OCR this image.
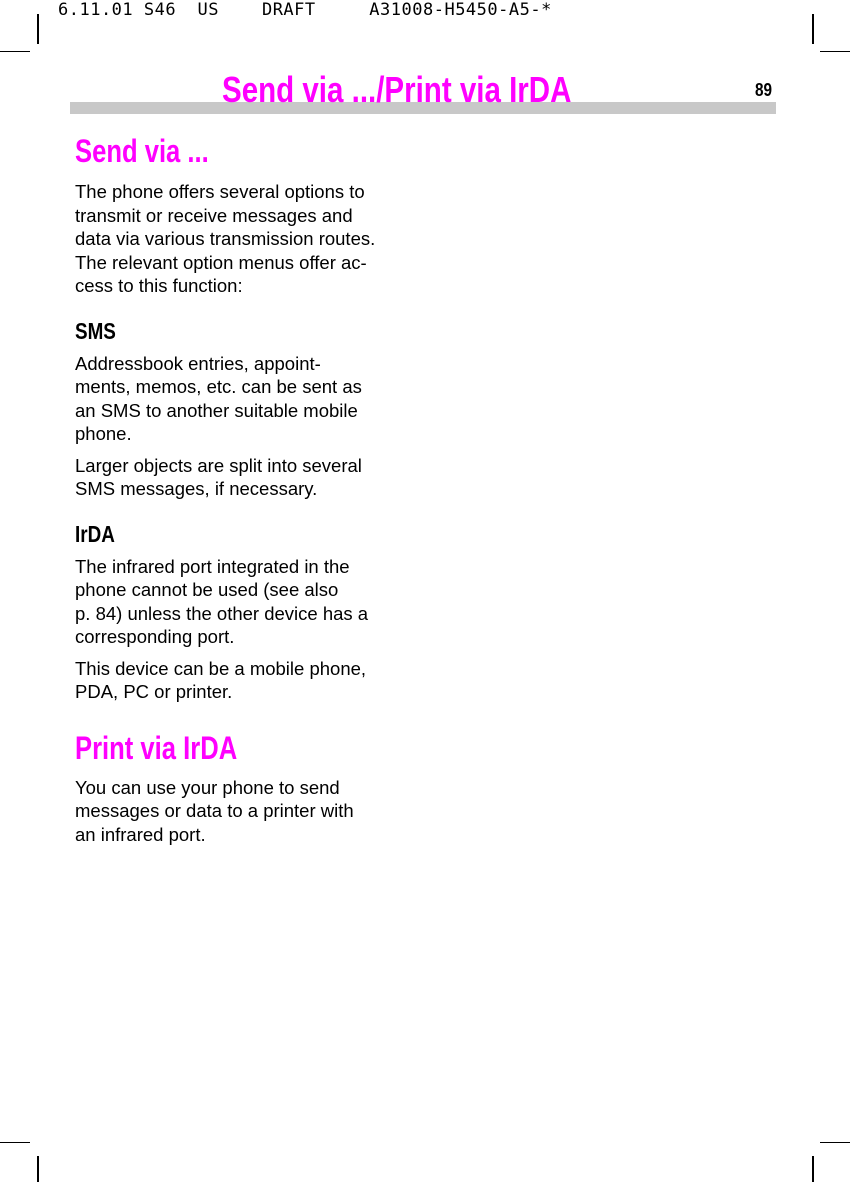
6.11.01 S46  US    DRAFT     A31008-H5450-A5-*
Send via .../Print via IrDA	89
Send via ...

The phone offers several options to
transmit or receive messages and
data via various transmission routes.
The relevant option menus offer ac-
cess to this function:

SMS

Addressbook entries, appoint-
ments, memos, etc. can be sent as
an SMS to another suitable mobile
phone.

Larger objects are split into several
SMS messages, if necessary.

IrDA

The infrared port integrated in the
phone cannot be used (see also
p. 84) unless the other device has a
corresponding port.

This device can be a mobile phone,
PDA, PC or printer.

Print via IrDA

You can use your phone to send
messages or data to a printer with
an infrared port.
